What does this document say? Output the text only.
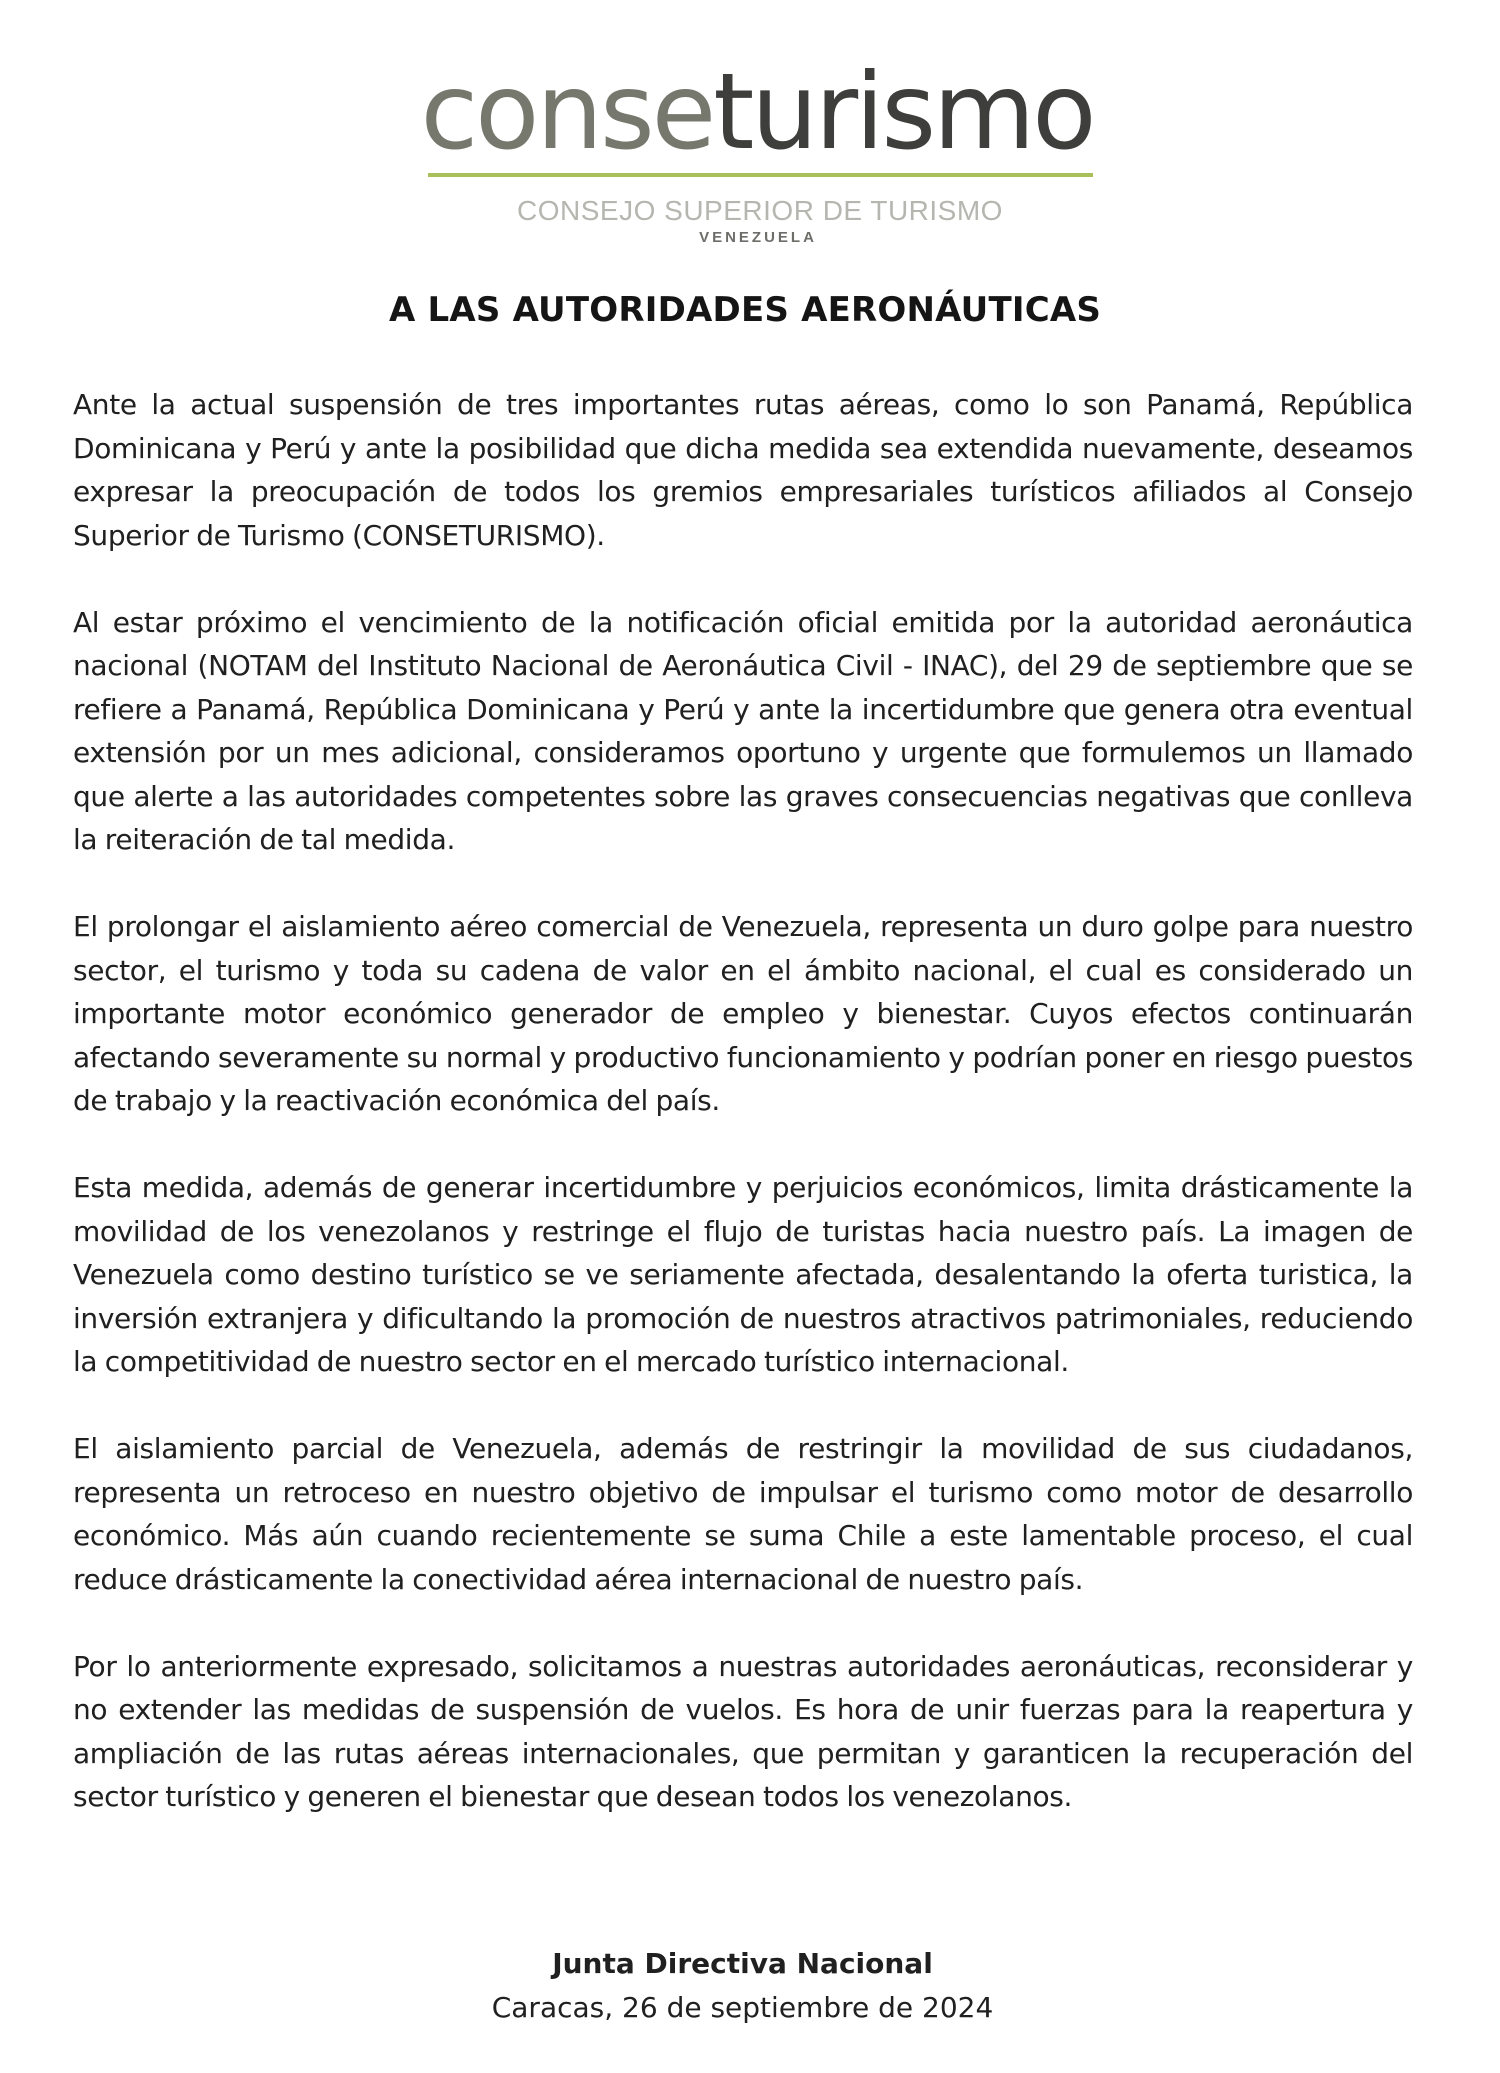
conseturismo
CONSEJO SUPERIOR DE TURISMO
VENEZUELA
A LAS AUTORIDADES AERONÁUTICAS

Ante la actual suspensión de tres importantes rutas aéreas, como lo son Panamá, República Dominicana y Perú y ante la posibilidad que dicha medida sea extendida nuevamente, deseamos expresar la preocupación de todos los gremios empresariales turísticos afiliados al Consejo Superior de Turismo (CONSETURISMO).

Al estar próximo el vencimiento de la notificación oficial emitida por la autoridad aeronáutica nacional (NOTAM del Instituto Nacional de Aeronáutica Civil - INAC), del 29 de septiembre que se refiere a Panamá, República Dominicana y Perú y ante la incertidumbre que genera otra eventual extensión por un mes adicional, consideramos oportuno y urgente que formulemos un llamado que alerte a las autoridades competentes sobre las graves consecuencias negativas que conlleva la reiteración de tal medida.

El prolongar el aislamiento aéreo comercial de Venezuela, representa un duro golpe para nuestro sector, el turismo y toda su cadena de valor en el ámbito nacional, el cual es considerado un importante motor económico generador de empleo y bienestar. Cuyos efectos continuarán afectando severamente su normal y productivo funcionamiento y podrían poner en riesgo puestos de trabajo y la reactivación económica del país.

Esta medida, además de generar incertidumbre y perjuicios económicos, limita drásticamente la movilidad de los venezolanos y restringe el flujo de turistas hacia nuestro país. La imagen de Venezuela como destino turístico se ve seriamente afectada, desalentando la oferta turistica, la inversión extranjera y dificultando la promoción de nuestros atractivos patrimoniales, reduciendo la competitividad de nuestro sector en el mercado turístico internacional.

El aislamiento parcial de Venezuela, además de restringir la movilidad de sus ciudadanos, representa un retroceso en nuestro objetivo de impulsar el turismo como motor de desarrollo económico. Más aún cuando recientemente se suma Chile a este lamentable proceso, el cual reduce drásticamente la conectividad aérea internacional de nuestro país.

Por lo anteriormente expresado, solicitamos a nuestras autoridades aeronáuticas, reconsiderar y no extender las medidas de suspensión de vuelos. Es hora de unir fuerzas para la reapertura y ampliación de las rutas aéreas internacionales, que permitan y garanticen la recuperación del sector turístico y generen el bienestar que desean todos los venezolanos.

Junta Directiva Nacional
Caracas, 26 de septiembre de 2024
